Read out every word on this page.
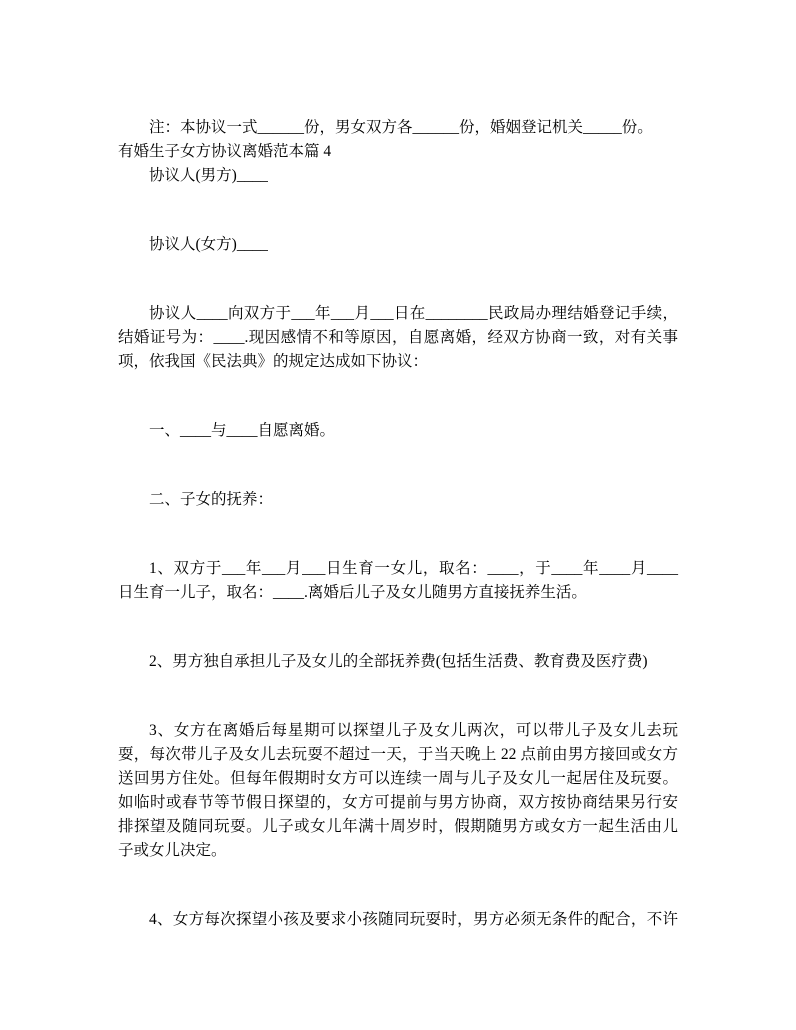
注：本协议一式______份，男女双方各______份，婚姻登记机关_____份。
有婚生子女方协议离婚范本篇 4
协议人(男方)____
协议人(女方)____
协议人____向双方于___年___月___日在________民政局办理结婚登记手续，
结婚证号为：____.现因感情不和等原因，自愿离婚，经双方协商一致，对有关事
项，依我国《民法典》的规定达成如下协议：
一、____与____自愿离婚。
二、子女的抚养：
1、双方于___年___月___日生育一女儿，取名：____，于____年____月____
日生育一儿子，取名：____.离婚后儿子及女儿随男方直接抚养生活。
2、男方独自承担儿子及女儿的全部抚养费(包括生活费、教育费及医疗费)
3、女方在离婚后每星期可以探望儿子及女儿两次，可以带儿子及女儿去玩
耍，每次带儿子及女儿去玩耍不超过一天，于当天晚上 22 点前由男方接回或女方
送回男方住处。但每年假期时女方可以连续一周与儿子及女儿一起居住及玩耍。
如临时或春节等节假日探望的，女方可提前与男方协商，双方按协商结果另行安
排探望及随同玩耍。儿子或女儿年满十周岁时，假期随男方或女方一起生活由儿
子或女儿决定。
4、女方每次探望小孩及要求小孩随同玩耍时，男方必须无条件的配合，不许
